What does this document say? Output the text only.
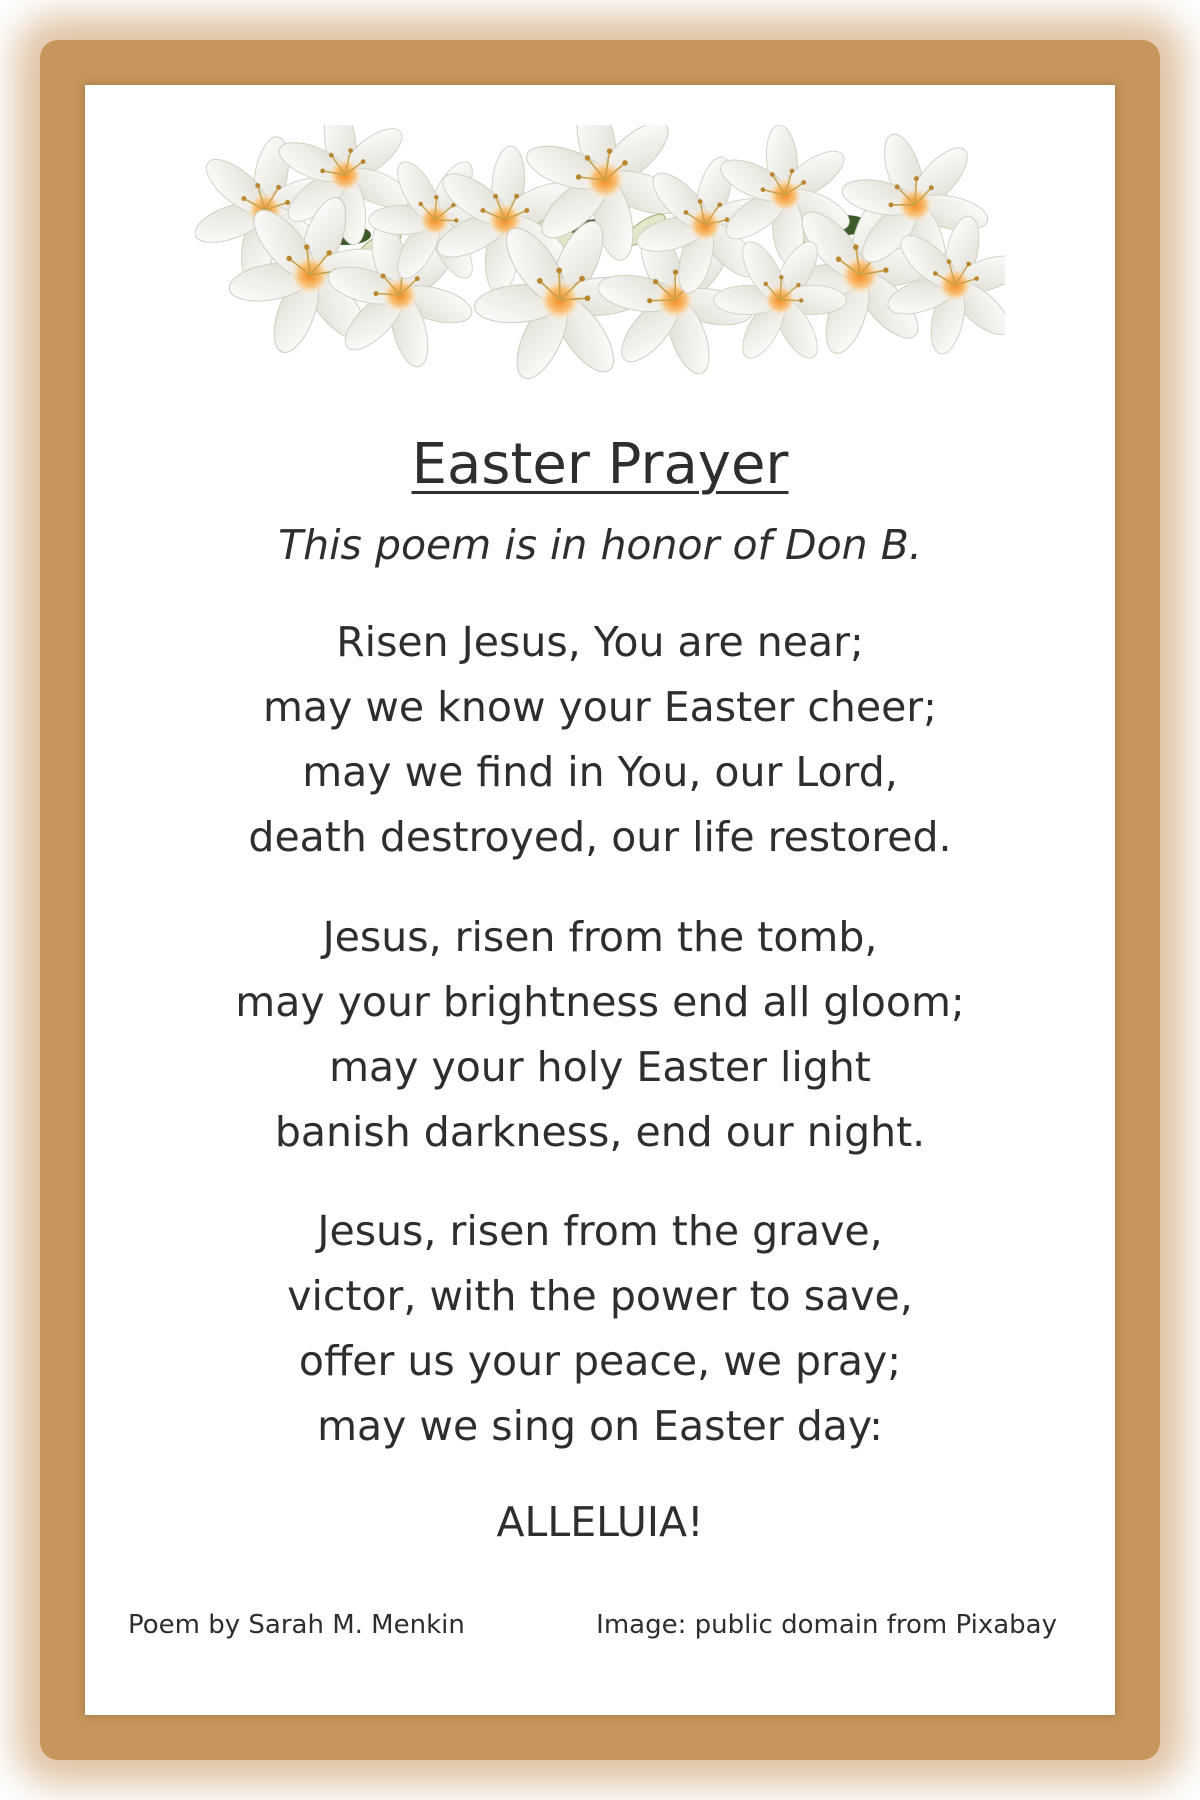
Easter Prayer
This poem is in honor of Don B.
Risen Jesus, You are near;
may we know your Easter cheer;
may we find in You, our Lord,
death destroyed, our life restored.
Jesus, risen from the tomb,
may your brightness end all gloom;
may your holy Easter light
banish darkness, end our night.
Jesus, risen from the grave,
victor, with the power to save,
offer us your peace, we pray;
may we sing on Easter day:
ALLELUIA!
Poem by Sarah M. Menkin	Image: public domain from Pixabay
